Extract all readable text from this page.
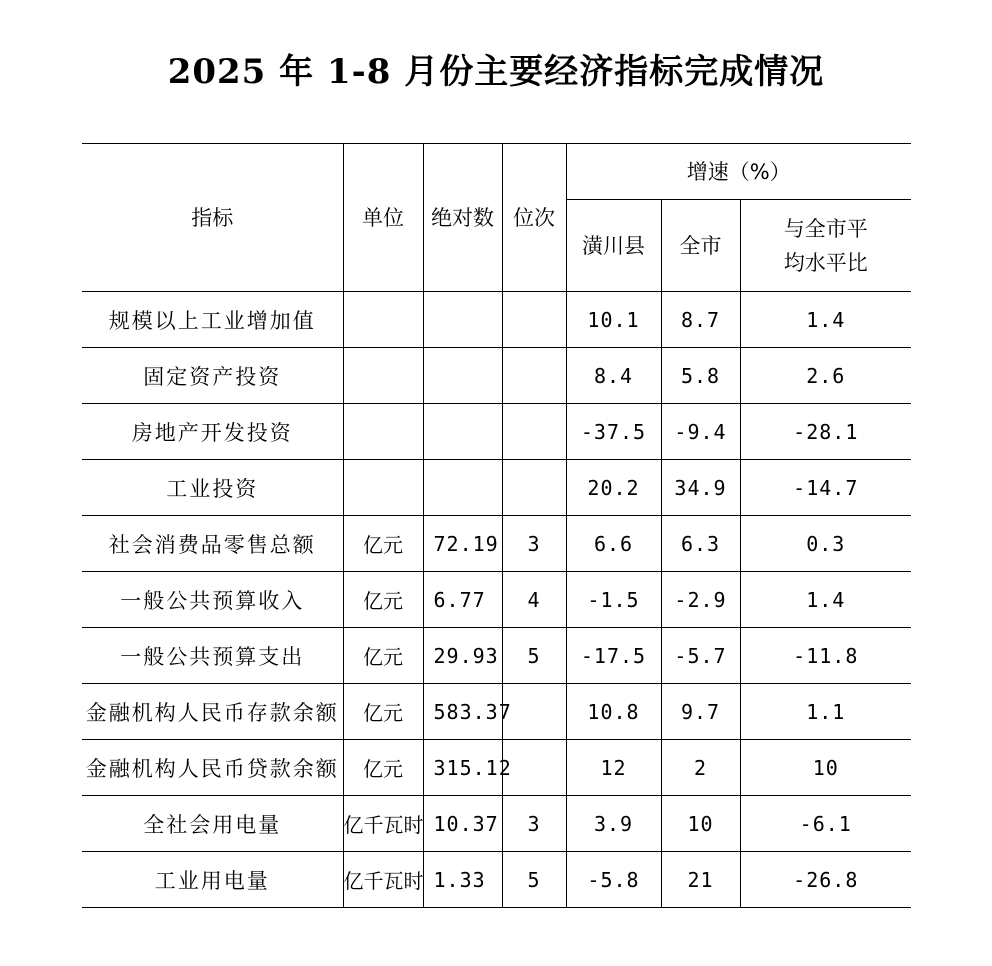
2025 年 1-8 月份主要经济指标完成情况
指标	单位	绝对数	位次	增速（%）		
				潢川县	全市	与全市平
均水平比

规模以上工业增加值				10.1	8.7	1.4
固定资产投资				8.4	5.8	2.6
房地产开发投资				-37.5	-9.4	-28.1
工业投资				20.2	34.9	-14.7
社会消费品零售总额	亿元	72.19	3	6.6	6.3	0.3
一般公共预算收入	亿元	6.77	4	-1.5	-2.9	1.4
一般公共预算支出	亿元	29.93	5	-17.5	-5.7	-11.8
金融机构人民币存款余额	亿元	583.37		10.8	9.7	1.1
金融机构人民币贷款余额	亿元	315.12		12	2	10
全社会用电量	亿千瓦时	10.37	3	3.9	10	-6.1
工业用电量	亿千瓦时	1.33	5	-5.8	21	-26.8
